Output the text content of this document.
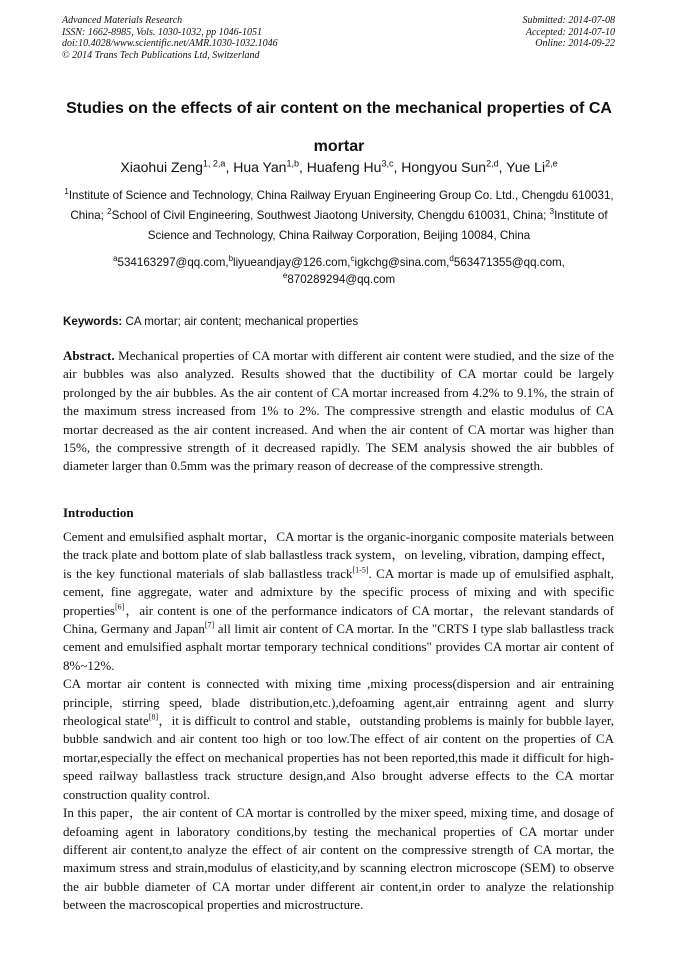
Advanced Materials Research
ISSN: 1662-8985, Vols. 1030-1032, pp 1046-1051
doi:10.4028/www.scientific.net/AMR.1030-1032.1046
© 2014 Trans Tech Publications Ltd, Switzerland
Submitted: 2014-07-08
Accepted: 2014-07-10
Online: 2014-09-22
Studies on the effects of air content on the mechanical properties of CA mortar
Xiaohui Zeng$^{1, 2,a}$, Hua Yan$^{1,b}$, Huafeng Hu$^{3,c}$, Hongyou Sun$^{2,d}$, Yue Li$^{2,e}$
$^1$Institute of Science and Technology, China Railway Eryuan Engineering Group Co. Ltd., Chengdu 610031, China; $^2$School of Civil Engineering, Southwest Jiaotong University, Chengdu 610031, China; $^3$Institute of Science and Technology, China Railway Corporation, Beijing 10084, China
$^a$534163297@qq.com,$^b$liyueandjay@126.com,$^c$igkchg@sina.com,$^d$563471355@qq.com,
$^e$870289294@qq.com
Keywords: CA mortar; air content; mechanical properties
Abstract. Mechanical properties of CA mortar with different air content were studied, and the size of the air bubbles was also analyzed. Results showed that the ductibility of CA mortar could be largely prolonged by the air bubbles. As the air content of CA mortar increased from 4.2% to 9.1%, the strain of the maximum stress increased from 1% to 2%. The compressive strength and elastic modulus of CA mortar decreased as the air content increased. And when the air content of CA mortar was higher than 15%, the compressive strength of it decreased rapidly. The SEM analysis showed the air bubbles of diameter larger than 0.5mm was the primary reason of decrease of the compressive strength.
Introduction

Cement and emulsified asphalt mortar，CA mortar is the organic-inorganic composite materials between the track plate and bottom plate of slab ballastless track system，on leveling, vibration, damping effect，is the key functional materials of slab ballastless track[1-5]. CA mortar is made up of emulsified asphalt, cement, fine aggregate, water and admixture by the specific process of mixing and with specific properties[6]，air content is one of the performance indicators of CA mortar，the relevant standards of China, Germany and Japan[7] all limit air content of CA mortar. In the "CRTS I type slab ballastless track cement and emulsified asphalt mortar temporary technical conditions" provides CA mortar air content of 8%~12%.

CA mortar air content is connected with mixing time ,mixing process(dispersion and air entraining principle, stirring speed, blade distribution,etc.),defoaming agent,air entrainng agent and slurry rheological state[8]，it is difficult to control and stable，outstanding problems is mainly for bubble layer, bubble sandwich and air content too high or too low.The effect of air content on the properties of CA mortar,especially the effect on mechanical properties has not been reported,this made it difficult for high-speed railway ballastless track structure design,and Also brought adverse effects to the CA mortar construction quality control.

In this paper，the air content of CA mortar is controlled by the mixer speed, mixing time, and dosage of defoaming agent in laboratory conditions,by testing the mechanical properties of CA mortar under different air content,to analyze the effect of air content on the compressive strength of CA mortar, the maximum stress and strain,modulus of elasticity,and by scanning electron microscope (SEM) to observe the air bubble diameter of CA mortar under different air content,in order to analyze the relationship between the macroscopical properties and microstructure.
